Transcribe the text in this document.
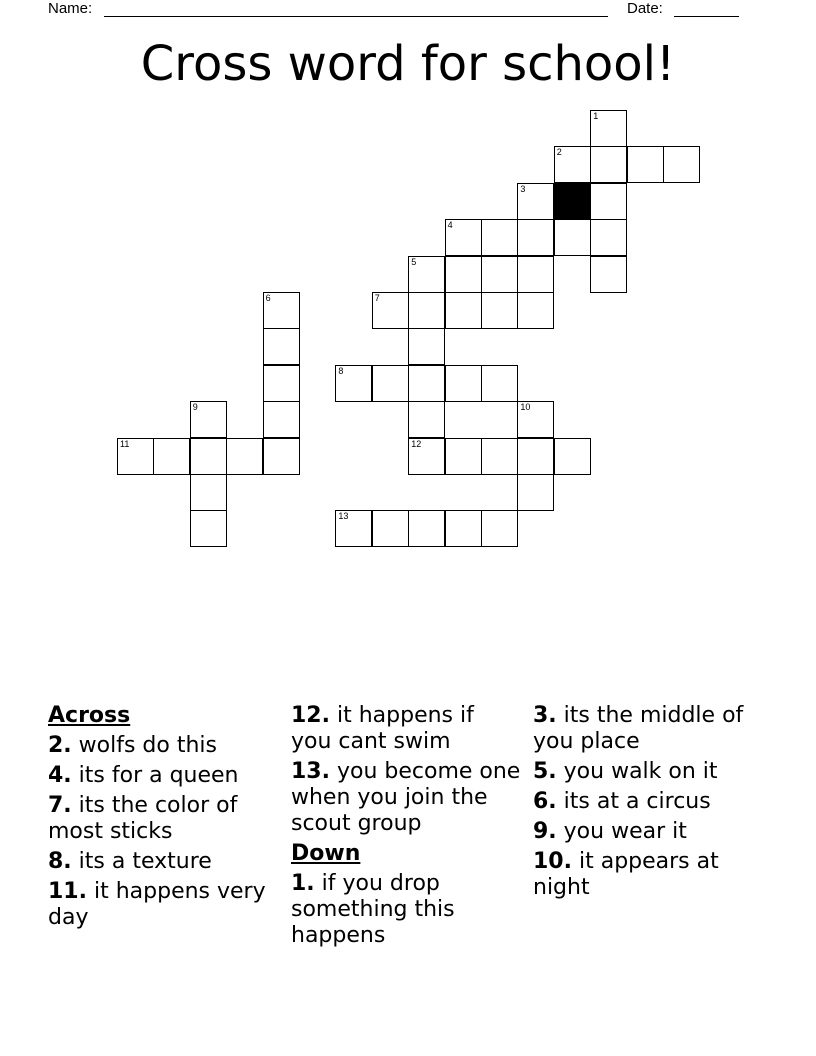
Name:	Date:
Cross word for school!
1
2
3
4
5
6	7
8
9	10
11	12
13

Across

2. wolfs do this

4. its for a queen

7. its the color of most sticks

8. its a texture

11. it happens very day

12. it happens if you cant swim

13. you become one when you join the scout group

Down

1. if you drop something this happens

3. its the middle of you place

5. you walk on it

6. its at a circus

9. you wear it

10. it appears at night
